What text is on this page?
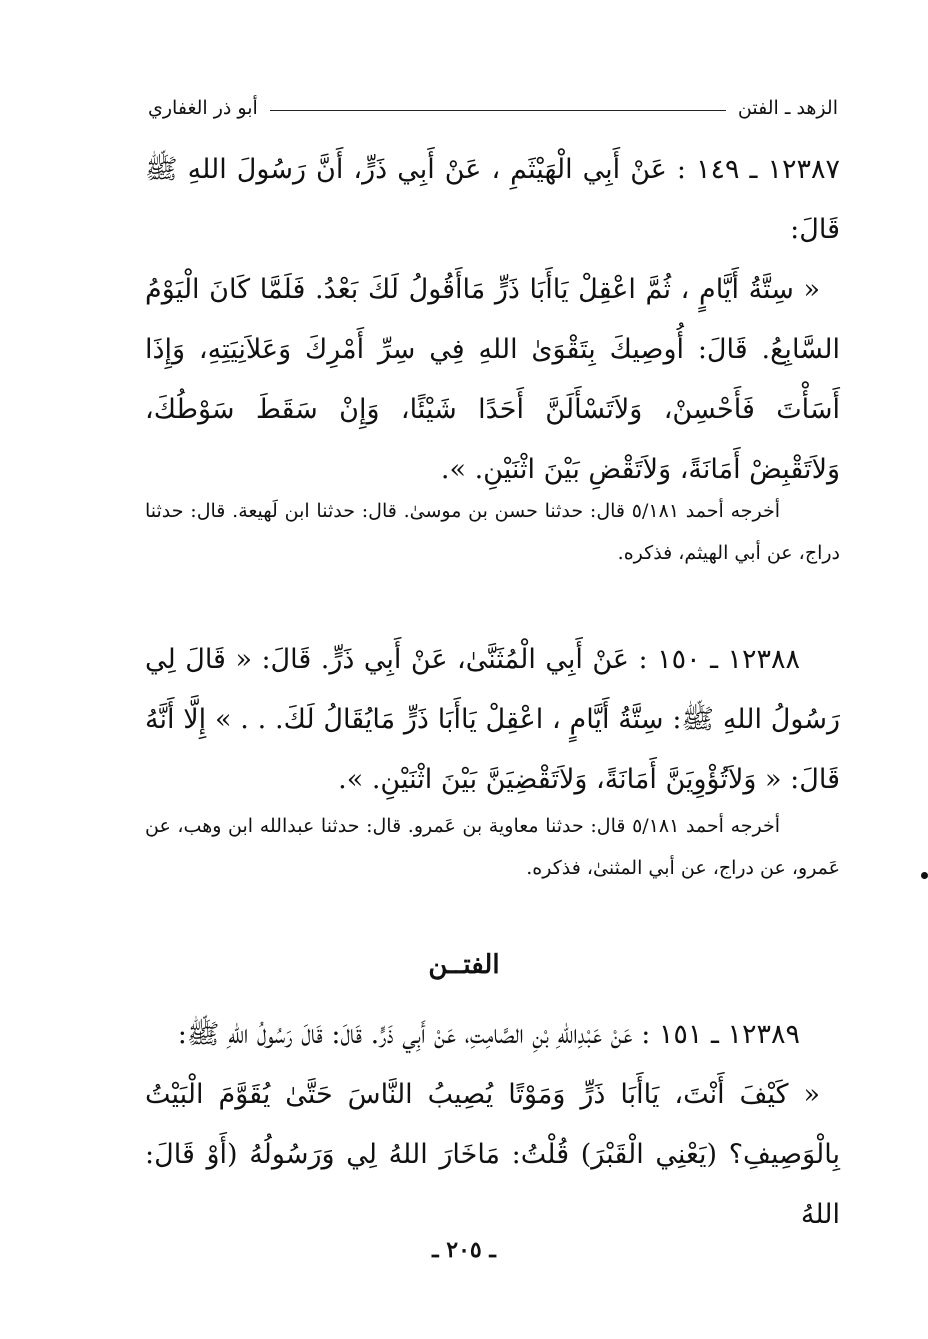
الزهد ـ الفتن
أبو ذر الغفاري

١٢٣٨٧ ـ ١٤٩ : عَنْ أَبِي الْهَيْثَمِ ، عَنْ أَبِي ذَرٍّ، أَنَّ رَسُولَ اللهِ ﷺ قَالَ:

« سِتَّةُ أَيَّامٍ ، ثُمَّ اعْقِلْ يَاأَبَا ذَرٍّ مَاأَقُولُ لَكَ بَعْدُ. فَلَمَّا كَانَ الْيَوْمُ السَّابِعُ. قَالَ: أُوصِيكَ بِتَقْوَىٰ اللهِ فِي سِرِّ أَمْرِكَ وَعَلاَنِيَتِهِ، وَإِذَا أَسَأْتَ فَأَحْسِنْ، وَلاَتَسْأَلَنَّ أَحَدًا شَيْئًا، وَإِنْ سَقَطَ سَوْطُكَ، وَلاَتَقْبِضْ أَمَانَةً، وَلاَتَقْضِ بَيْنَ اثْنَيْنِ. ».

أخرجه أحمد ٥/١٨١ قال: حدثنا حسن بن موسىٰ. قال: حدثنا ابن لَهيعة. قال: حدثنا دراج، عن أبي الهيثم، فذكره.

١٢٣٨٨ ـ ١٥٠ : عَنْ أَبِي الْمُثَنَّىٰ، عَنْ أَبِي ذَرٍّ. قَالَ: « قَالَ لِي رَسُولُ اللهِ ﷺ: سِتَّةُ أَيَّامٍ ، اعْقِلْ يَاأَبَا ذَرٍّ مَايُقَالُ لَكَ. . . » إِلَّا أَنَّهُ قَالَ: « وَلاَتُؤْوِيَنَّ أَمَانَةً، وَلاَتَقْضِيَنَّ بَيْنَ اثْنَيْنِ. ».

أخرجه أحمد ٥/١٨١ قال: حدثنا معاوية بن عَمرو. قال: حدثنا عبدالله ابن وهب، عن عَمرو، عن دراج، عن أبي المثنىٰ، فذكره.

الفتــن

١٢٣٨٩ ـ ١٥١ : عَنْ عَبْدِاللهِ بْنِ الصَّامِتِ، عَنْ أَبِي ذَرٍّ. قَالَ: قَالَ رَسُولُ اللهِ ﷺ:

« كَيْفَ أَنْتَ، يَاأَبَا ذَرٍّ وَمَوْتًا يُصِيبُ النَّاسَ حَتَّىٰ يُقَوَّمَ الْبَيْتُ بِالْوَصِيفِ؟ (يَعْنِي الْقَبْرَ) قُلْتُ: مَاخَارَ اللهُ لِي وَرَسُولُهُ (أَوْ قَالَ: اللهُ

ـ ٢٠٥ ـ
